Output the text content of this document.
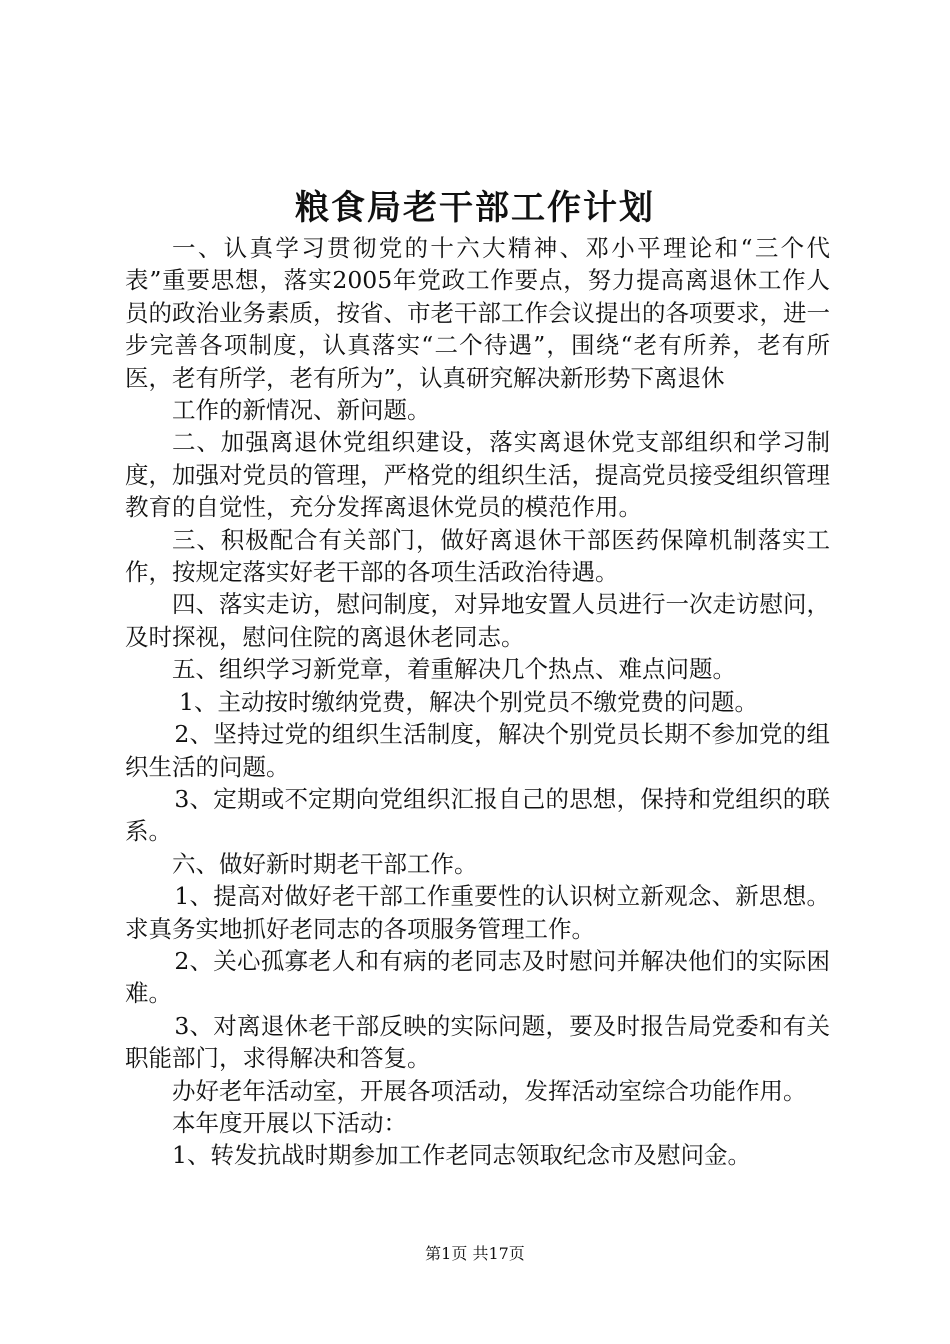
粮食局老干部工作计划

一、认真学习贯彻党的十六大精神、邓小平理论和“三个代表”重要思想，落实2005年党政工作要点，努力提高离退休工作人员的政治业务素质，按省、市老干部工作会议提出的各项要求，进一步完善各项制度，认真落实“二个待遇”，围绕“老有所养，老有所医，老有所学，老有所为”，认真研究解决新形势下离退休

工作的新情况、新问题。

二、加强离退休党组织建设，落实离退休党支部组织和学习制度，加强对党员的管理，严格党的组织生活，提高党员接受组织管理教育的自觉性，充分发挥离退休党员的模范作用。

三、积极配合有关部门，做好离退休干部医药保障机制落实工作，按规定落实好老干部的各项生活政治待遇。

四、落实走访，慰问制度，对异地安置人员进行一次走访慰问，及时探视，慰问住院的离退休老同志。

五、组织学习新党章，着重解决几个热点、难点问题。

1、主动按时缴纳党费，解决个别党员不缴党费的问题。

2、坚持过党的组织生活制度，解决个别党员长期不参加党的组织生活的问题。

3、定期或不定期向党组织汇报自己的思想，保持和党组织的联系。

六、做好新时期老干部工作。

1、提高对做好老干部工作重要性的认识树立新观念、新思想。求真务实地抓好老同志的各项服务管理工作。

2、关心孤寡老人和有病的老同志及时慰问并解决他们的实际困难。

3、对离退休老干部反映的实际问题，要及时报告局党委和有关职能部门，求得解决和答复。

办好老年活动室，开展各项活动，发挥活动室综合功能作用。

本年度开展以下活动：

1、转发抗战时期参加工作老同志领取纪念市及慰问金。

第1页 共17页
